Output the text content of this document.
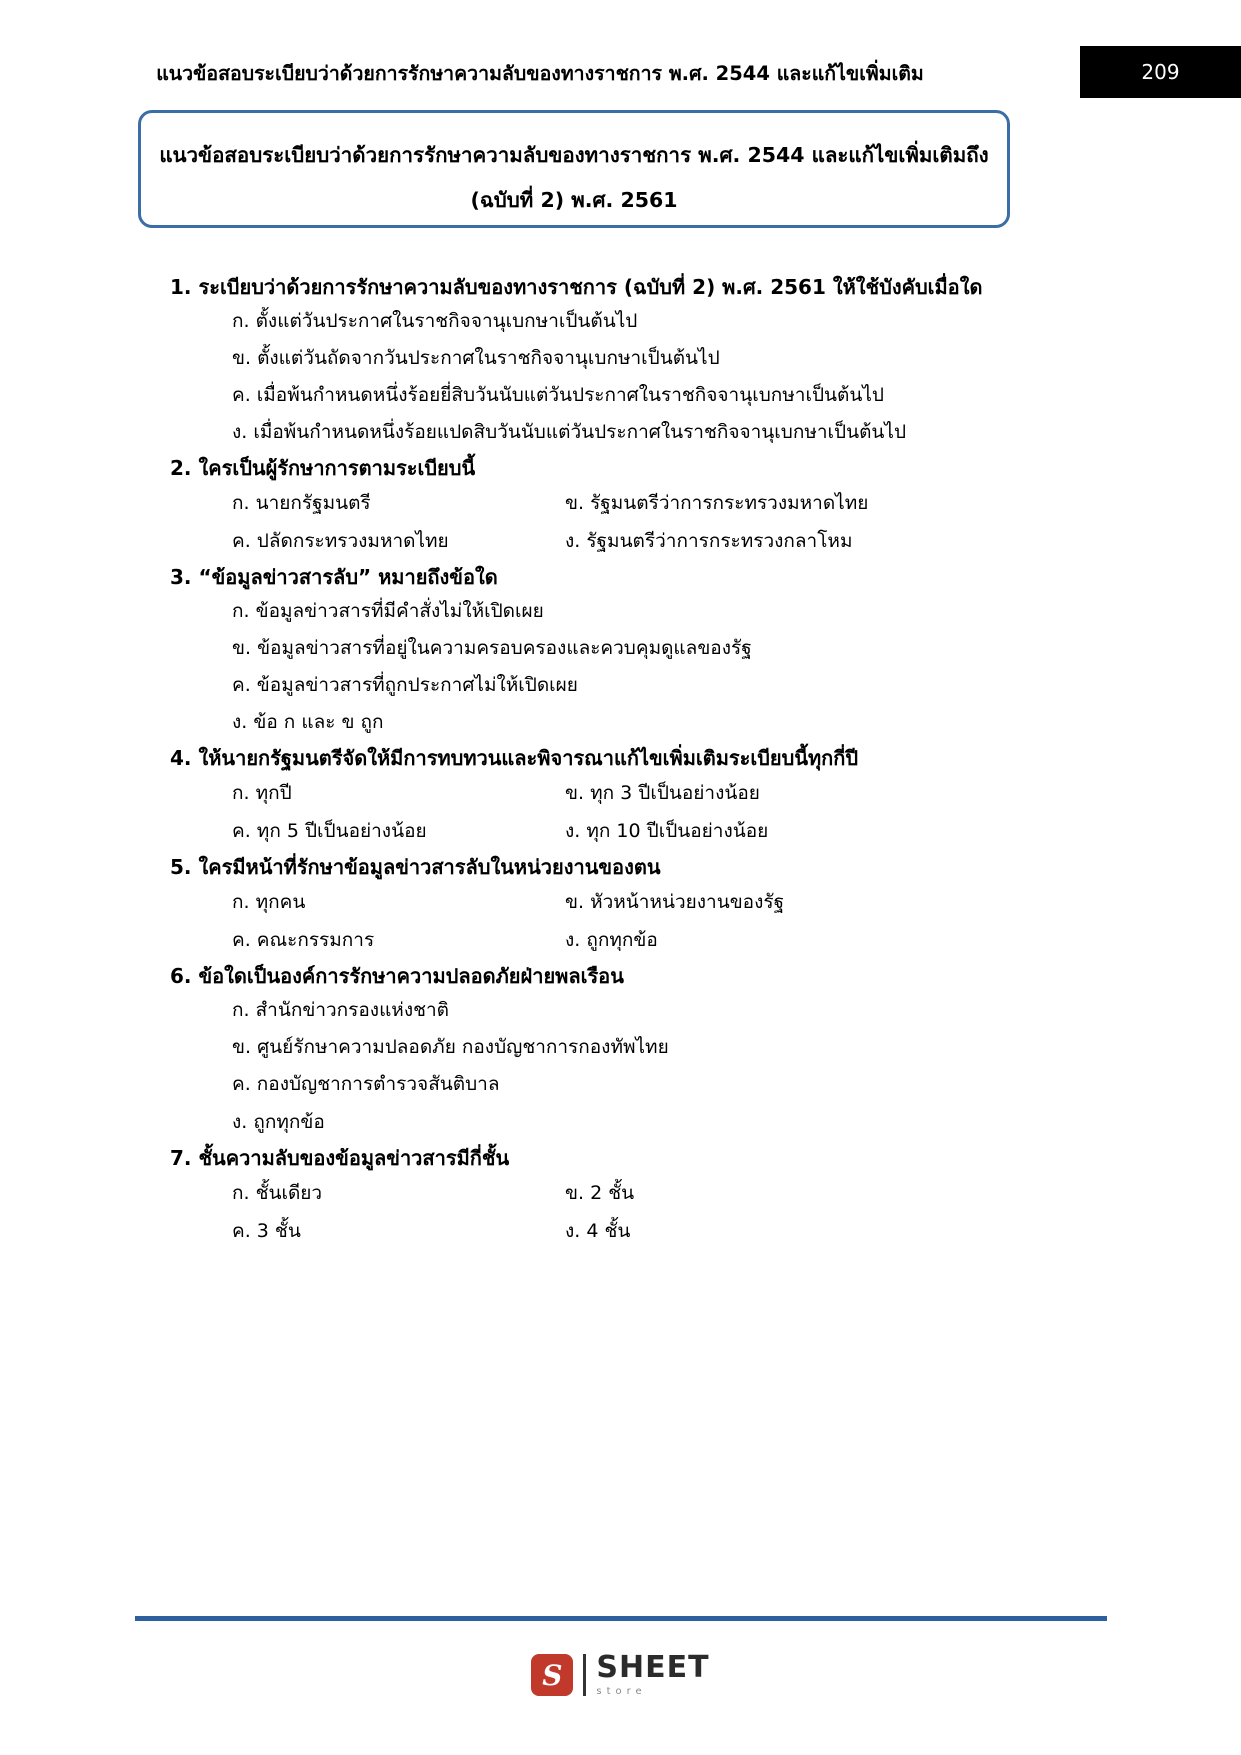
แนวข้อสอบระเบียบว่าด้วยการรักษาความลับของทางราชการ พ.ศ. 2544 และแก้ไขเพิ่มเติม	209
แนวข้อสอบระเบียบว่าด้วยการรักษาความลับของทางราชการ พ.ศ. 2544 และแก้ไขเพิ่มเติมถึง
(ฉบับที่ 2) พ.ศ. 2561
1. ระเบียบว่าด้วยการรักษาความลับของทางราชการ (ฉบับที่ 2) พ.ศ. 2561 ให้ใช้บังคับเมื่อใด
ก. ตั้งแต่วันประกาศในราชกิจจานุเบกษาเป็นต้นไป
ข. ตั้งแต่วันถัดจากวันประกาศในราชกิจจานุเบกษาเป็นต้นไป
ค. เมื่อพ้นกำหนดหนึ่งร้อยยี่สิบวันนับแต่วันประกาศในราชกิจจานุเบกษาเป็นต้นไป
ง. เมื่อพ้นกำหนดหนึ่งร้อยแปดสิบวันนับแต่วันประกาศในราชกิจจานุเบกษาเป็นต้นไป
2. ใครเป็นผู้รักษาการตามระเบียบนี้
ก. นายกรัฐมนตรี	ข. รัฐมนตรีว่าการกระทรวงมหาดไทย
ค. ปลัดกระทรวงมหาดไทย	ง. รัฐมนตรีว่าการกระทรวงกลาโหม
3. “ข้อมูลข่าวสารลับ” หมายถึงข้อใด
ก. ข้อมูลข่าวสารที่มีคำสั่งไม่ให้เปิดเผย
ข. ข้อมูลข่าวสารที่อยู่ในความครอบครองและควบคุมดูแลของรัฐ
ค. ข้อมูลข่าวสารที่ถูกประกาศไม่ให้เปิดเผย
ง. ข้อ ก และ ข ถูก
4. ให้นายกรัฐมนตรีจัดให้มีการทบทวนและพิจารณาแก้ไขเพิ่มเติมระเบียบนี้ทุกกี่ปี
ก. ทุกปี	ข. ทุก 3 ปีเป็นอย่างน้อย
ค. ทุก 5 ปีเป็นอย่างน้อย	ง. ทุก 10 ปีเป็นอย่างน้อย
5. ใครมีหน้าที่รักษาข้อมูลข่าวสารลับในหน่วยงานของตน
ก. ทุกคน	ข. หัวหน้าหน่วยงานของรัฐ
ค. คณะกรรมการ	ง. ถูกทุกข้อ
6. ข้อใดเป็นองค์การรักษาความปลอดภัยฝ่ายพลเรือน
ก. สำนักข่าวกรองแห่งชาติ
ข. ศูนย์รักษาความปลอดภัย กองบัญชาการกองทัพไทย
ค. กองบัญชาการตำรวจสันติบาล
ง. ถูกทุกข้อ
7. ชั้นความลับของข้อมูลข่าวสารมีกี่ชั้น
ก. ชั้นเดียว	ข. 2 ชั้น
ค. 3 ชั้น	ง. 4 ชั้น
S	SHEET
store
